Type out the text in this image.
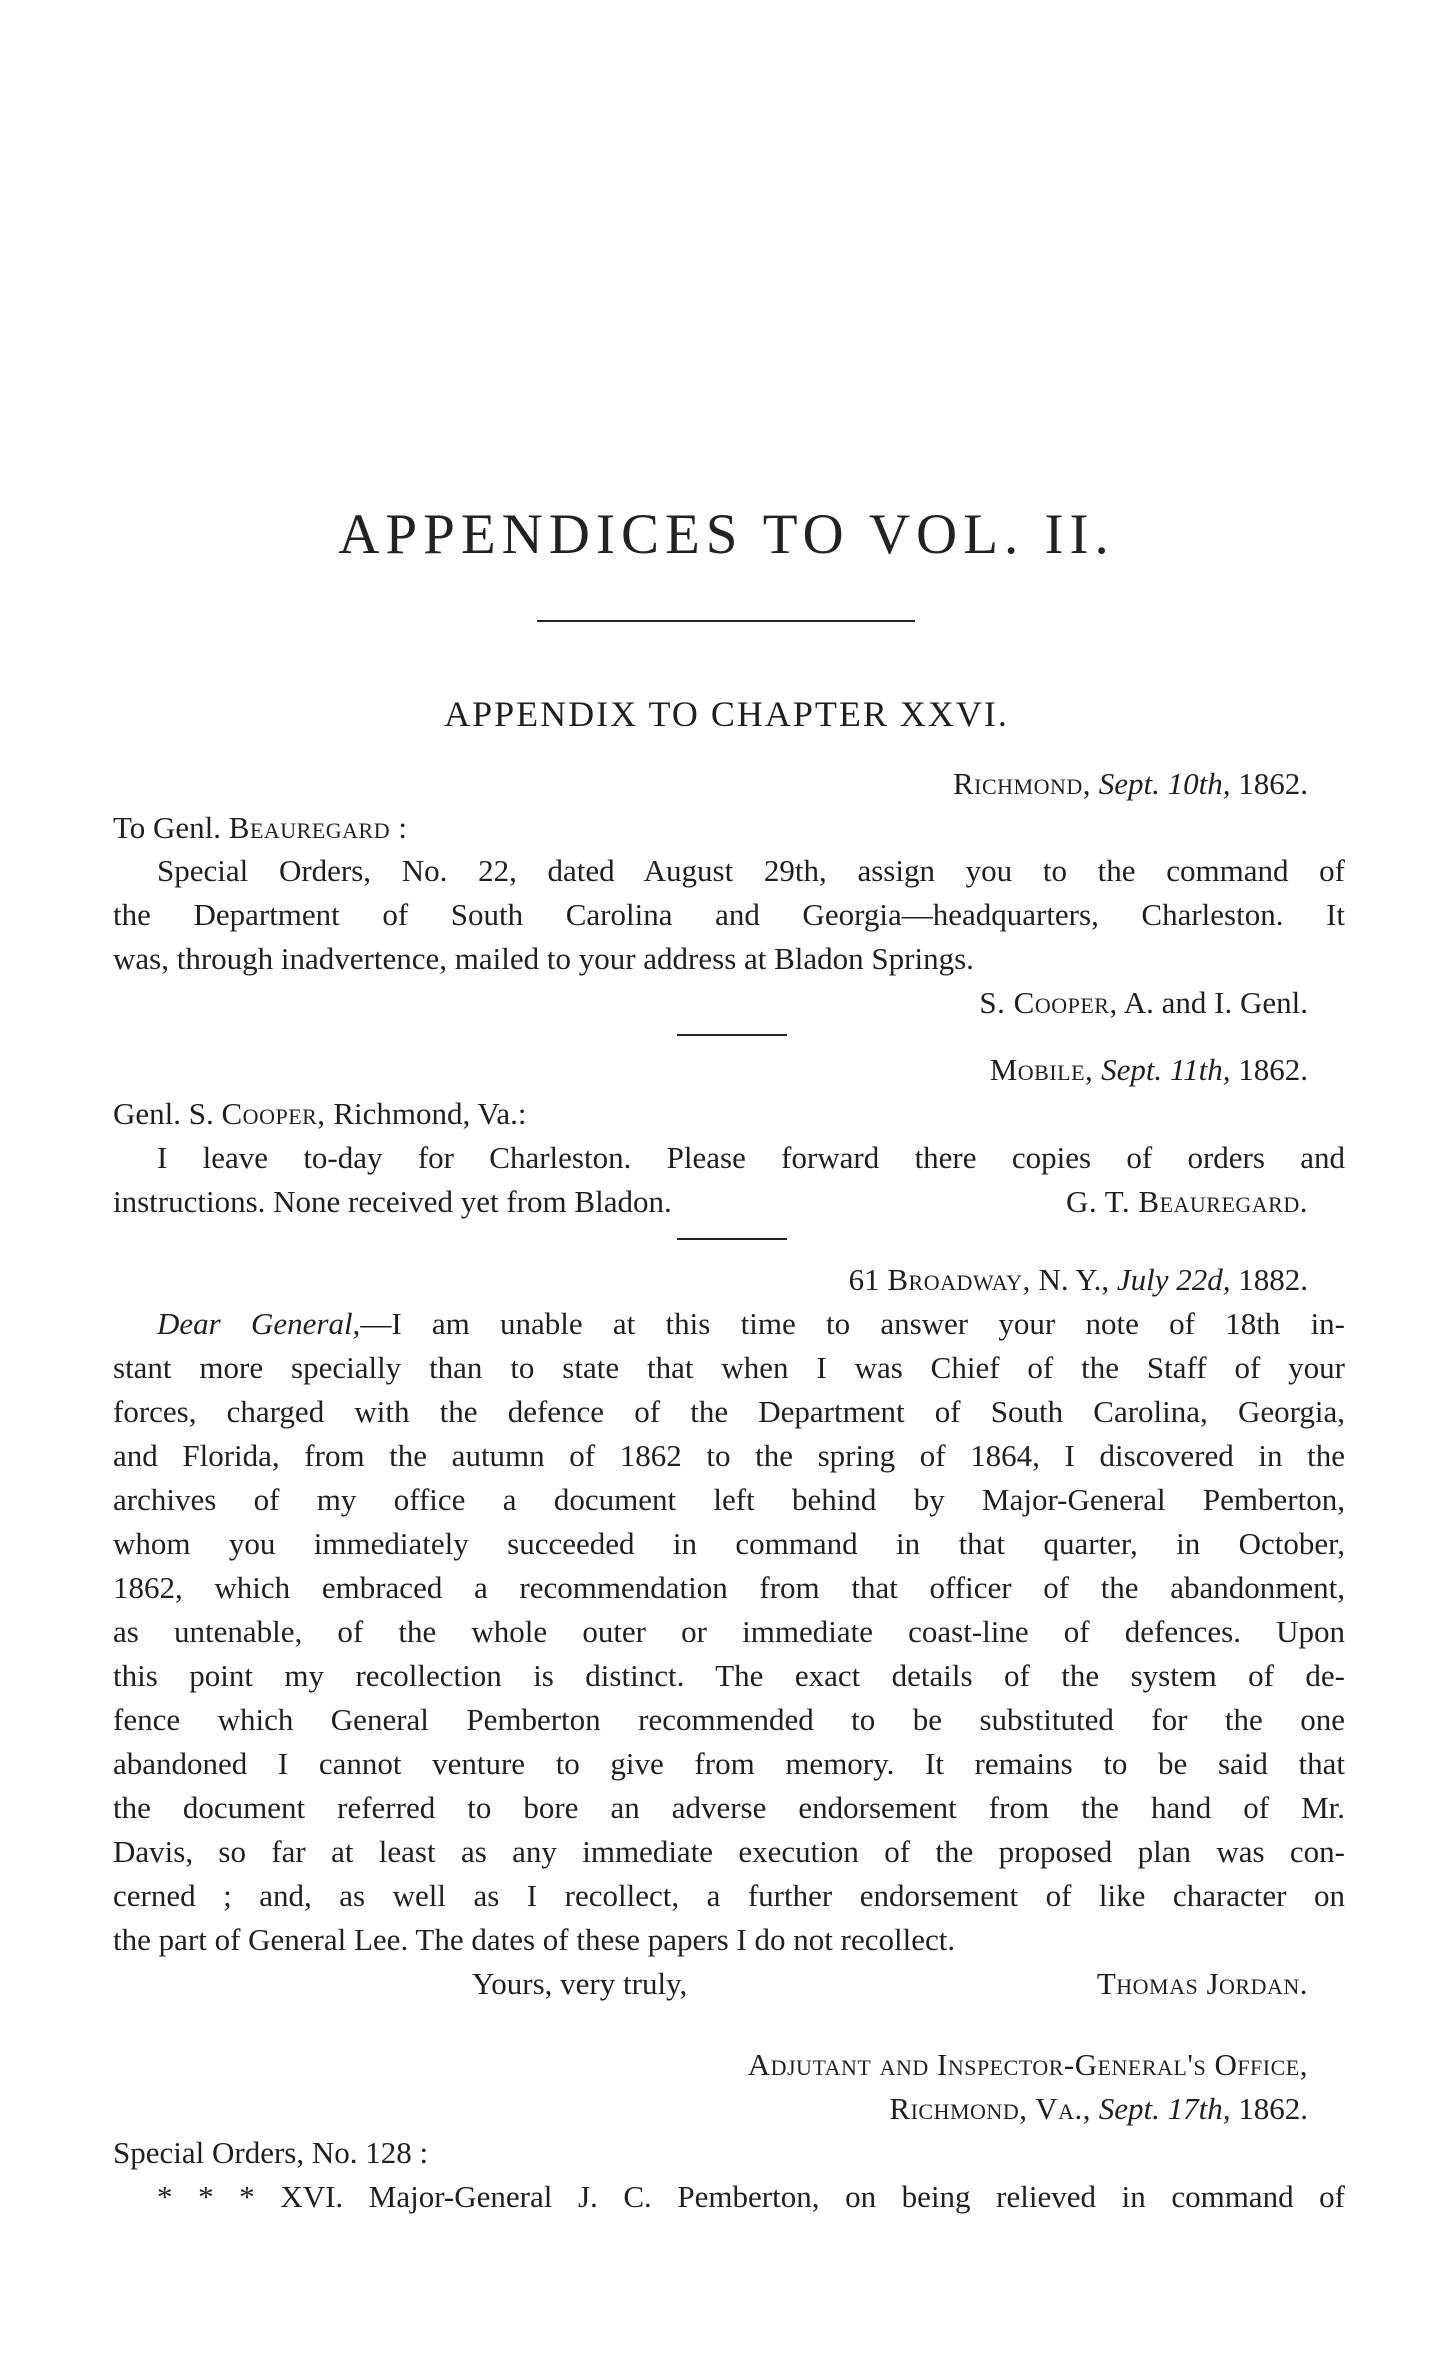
APPENDICES TO VOL. II.
APPENDIX TO CHAPTER XXVI.
Richmond, Sept. 10th, 1862.
To Genl. Beauregard :
Special Orders, No. 22, dated August 29th, assign you to the command of
the Department of South Carolina and Georgia—headquarters, Charleston. It
was, through inadvertence, mailed to your address at Bladon Springs.
S. Cooper, A. and I. Genl.
Mobile, Sept. 11th, 1862.
Genl. S. Cooper, Richmond, Va.:
I leave to-day for Charleston. Please forward there copies of orders and
instructions. None received yet from Bladon.	G. T. Beauregard.
61 Broadway, N. Y., July 22d, 1882.
Dear General,—I am unable at this time to answer your note of 18th in-
stant more specially than to state that when I was Chief of the Staff of your
forces, charged with the defence of the Department of South Carolina, Georgia,
and Florida, from the autumn of 1862 to the spring of 1864, I discovered in the
archives of my office a document left behind by Major-General Pemberton,
whom you immediately succeeded in command in that quarter, in October,
1862, which embraced a recommendation from that officer of the abandonment,
as untenable, of the whole outer or immediate coast-line of defences. Upon
this point my recollection is distinct. The exact details of the system of de-
fence which General Pemberton recommended to be substituted for the one
abandoned I cannot venture to give from memory. It remains to be said that
the document referred to bore an adverse endorsement from the hand of Mr.
Davis, so far at least as any immediate execution of the proposed plan was con-
cerned ; and, as well as I recollect, a further endorsement of like character on
the part of General Lee. The dates of these papers I do not recollect.
Yours, very truly,	Thomas Jordan.
Adjutant and Inspector-General's Office,
Richmond, Va., Sept. 17th, 1862.
Special Orders, No. 128 :
* * * XVI. Major-General J. C. Pemberton, on being relieved in command of
